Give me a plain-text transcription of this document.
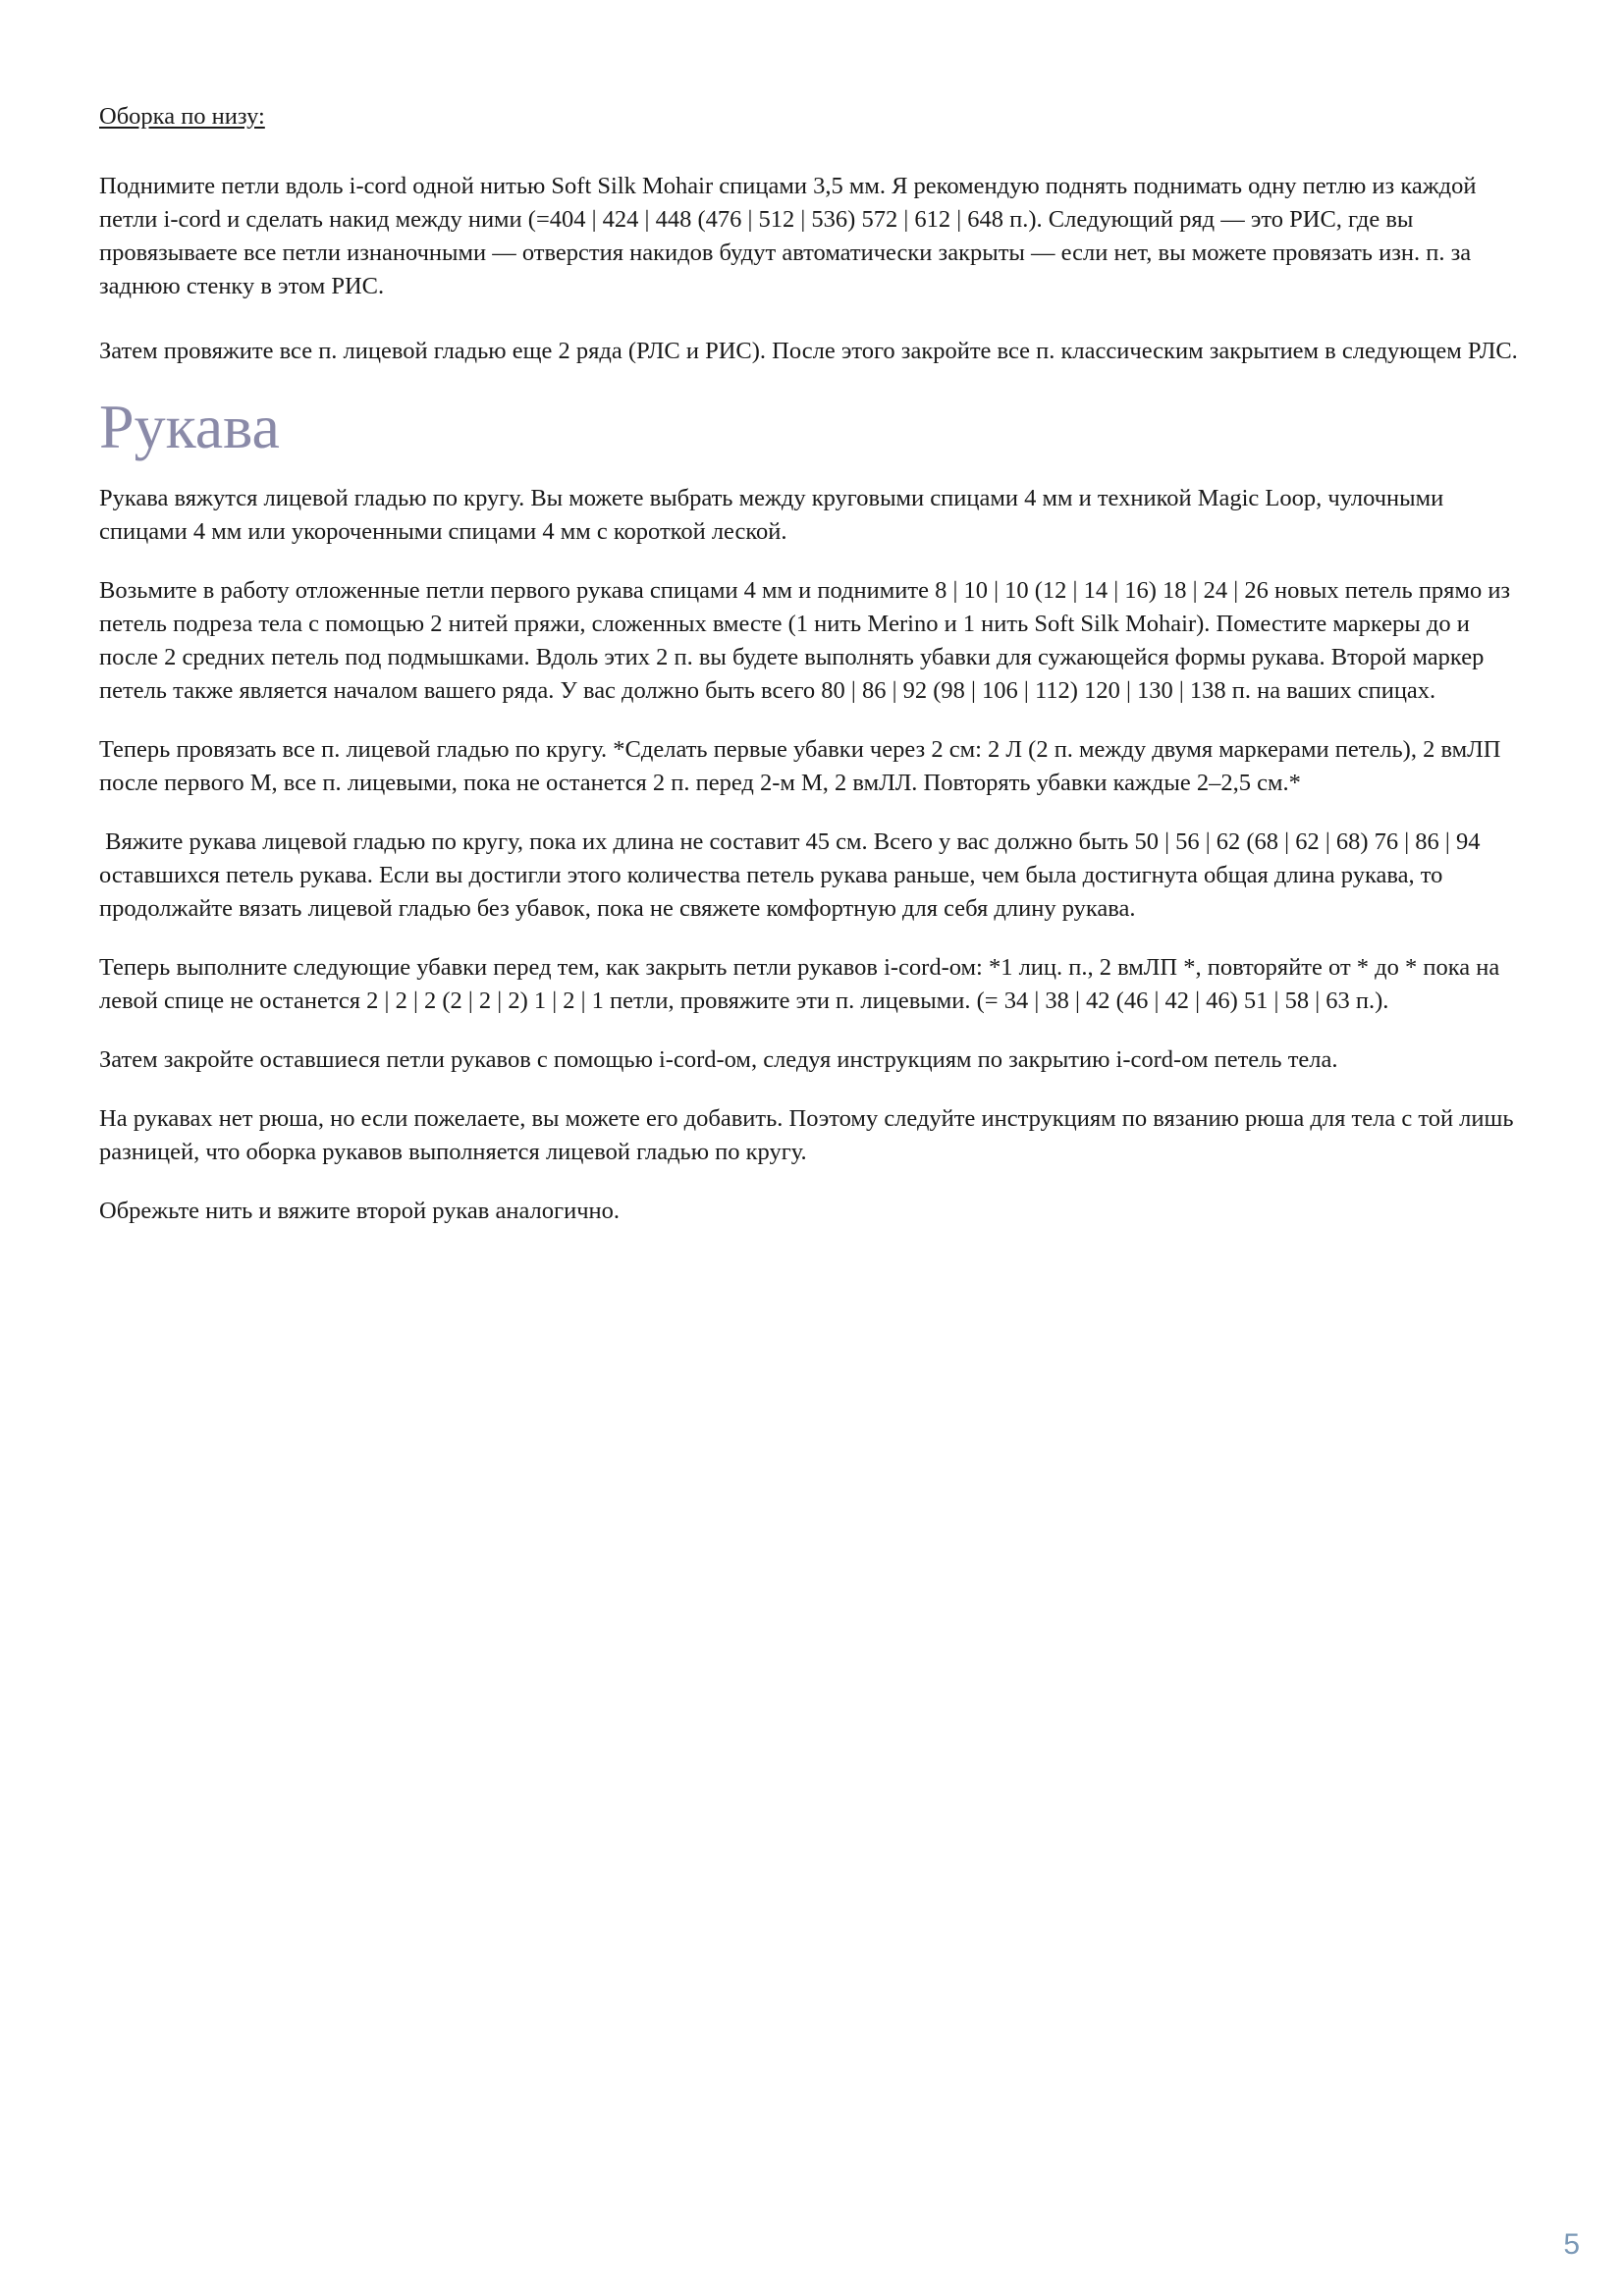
Оборка по низу:

Поднимите петли вдоль i-cord одной нитью Soft Silk Mohair спицами 3,5 мм. Я рекомендую поднять поднимать одну петлю из каждой петли i-cord и сделать накид между ними (=404 | 424 | 448 (476 | 512 | 536) 572 | 612 | 648 п.). Следующий ряд — это РИС, где вы провязываете все петли изнаночными — отверстия накидов будут автоматически закрыты — если нет, вы можете провязать изн. п. за заднюю стенку в этом РИС.

Затем провяжите все п. лицевой гладью еще 2 ряда (РЛС и РИС). После этого закройте все п. классическим закрытием в следующем РЛС.

Рукава

Рукава вяжутся лицевой гладью по кругу. Вы можете выбрать между круговыми спицами 4 мм и техникой Magic Loop, чулочными спицами 4 мм или укороченными спицами 4 мм с короткой леской.

Возьмите в работу отложенные петли первого рукава спицами 4 мм и поднимите 8 | 10 | 10 (12 | 14 | 16) 18 | 24 | 26 новых петель прямо из петель подреза тела с помощью 2 нитей пряжи, сложенных вместе (1 нить Merino и 1 нить Soft Silk Mohair). Поместите маркеры до и после 2 средних петель под подмышками. Вдоль этих 2 п. вы будете выполнять убавки для сужающейся формы рукава. Второй маркер петель также является началом вашего ряда. У вас должно быть всего 80 | 86 | 92 (98 | 106 | 112) 120 | 130 | 138 п. на ваших спицах.

Теперь провязать все п. лицевой гладью по кругу. *Сделать первые убавки через 2 см: 2 Л (2 п. между двумя маркерами петель), 2 вмЛП после первого М, все п. лицевыми, пока не останется 2 п. перед 2-м М, 2 вмЛЛ. Повторять убавки каждые 2–2,5 см.*

Вяжите рукава лицевой гладью по кругу, пока их длина не составит 45 см. Всего у вас должно быть 50 | 56 | 62 (68 | 62 | 68) 76 | 86 | 94 оставшихся петель рукава. Если вы достигли этого количества петель рукава раньше, чем была достигнута общая длина рукава, то продолжайте вязать лицевой гладью без убавок, пока не свяжете комфортную для себя длину рукава.

Теперь выполните следующие убавки перед тем, как закрыть петли рукавов i-cord-ом: *1 лиц. п., 2 вмЛП *, повторяйте от * до * пока на левой спице не останется 2 | 2 | 2 (2 | 2 | 2) 1 | 2 | 1 петли, провяжите эти п. лицевыми. (= 34 | 38 | 42 (46 | 42 | 46) 51 | 58 | 63 п.).

Затем закройте оставшиеся петли рукавов с помощью i-cord-ом, следуя инструкциям по закрытию i-cord-ом петель тела.

На рукавах нет рюша, но если пожелаете, вы можете его добавить. Поэтому следуйте инструкциям по вязанию рюша для тела с той лишь разницей, что оборка рукавов выполняется лицевой гладью по кругу.

Обрежьте нить и вяжите второй рукав аналогично.

5
